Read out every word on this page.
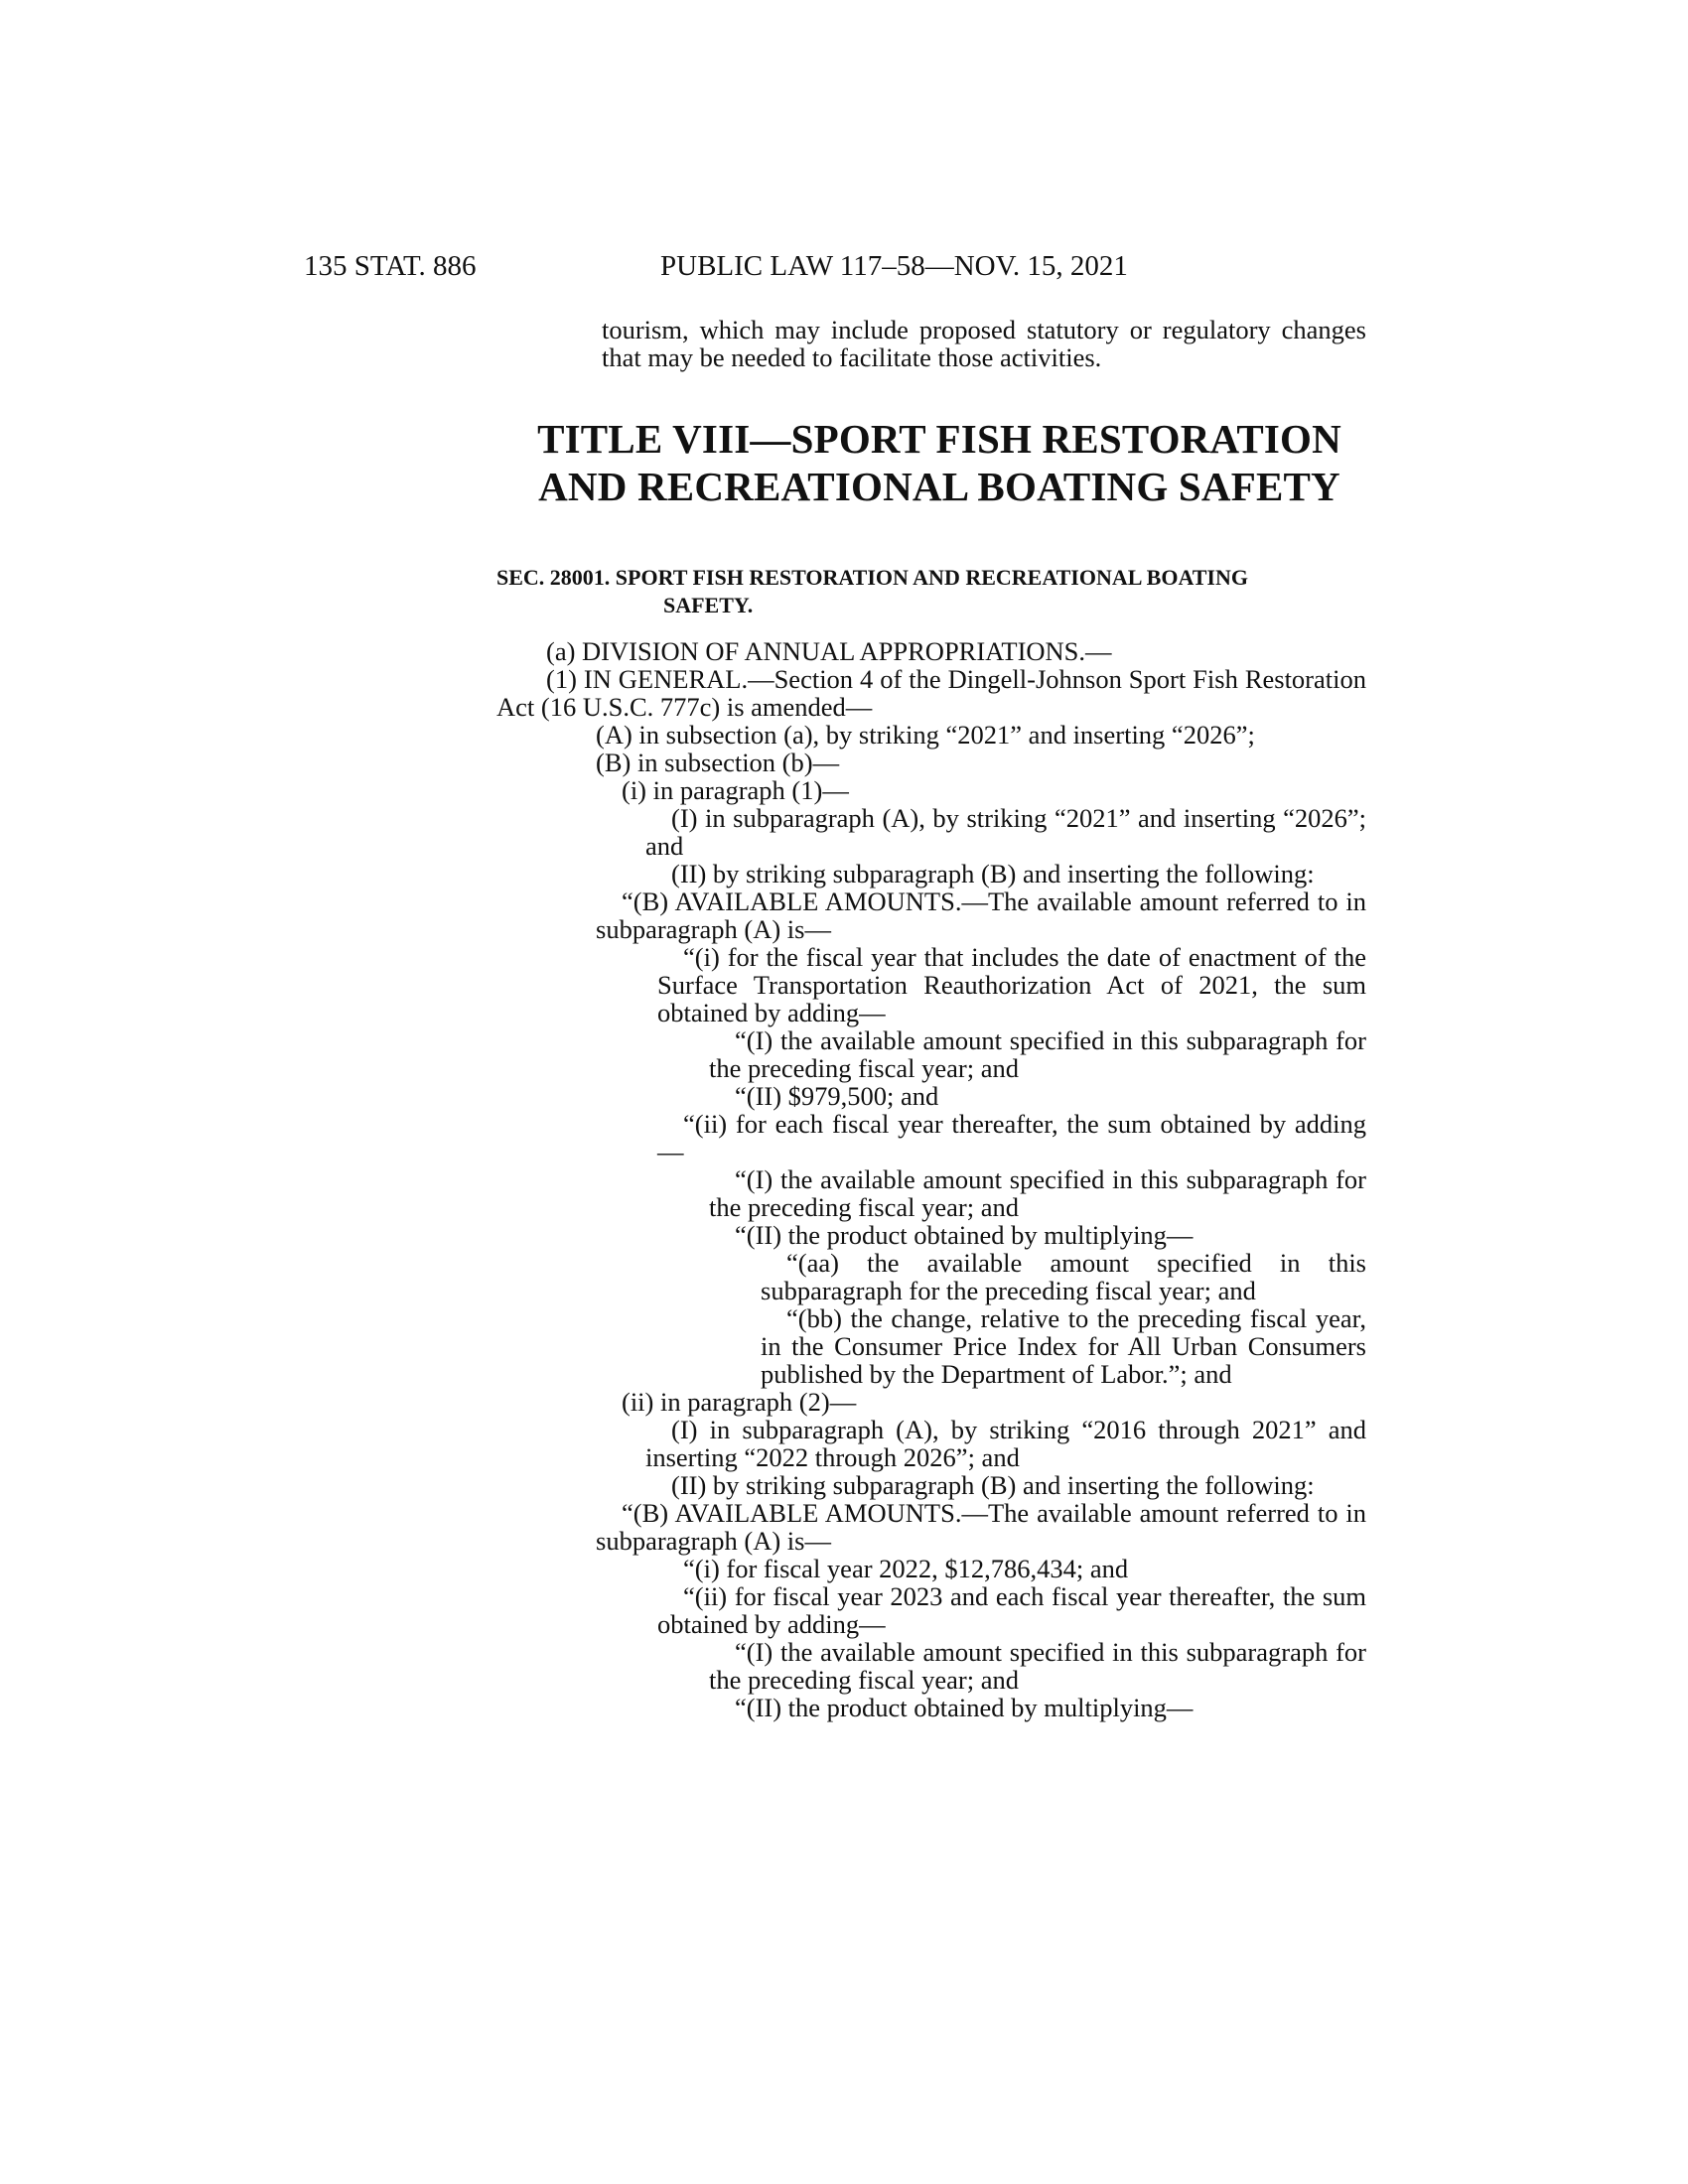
135 STAT. 886	PUBLIC LAW 117–58—NOV. 15, 2021

tourism, which may include proposed statutory or regulatory changes that may be needed to facilitate those activities.

TITLE VIII—SPORT FISH RESTORATION
AND RECREATIONAL BOATING SAFETY
SEC. 28001. SPORT FISH RESTORATION AND RECREATIONAL BOATING
SAFETY.

(a) DIVISION OF ANNUAL APPROPRIATIONS.—

(1) IN GENERAL.—Section 4 of the Dingell-Johnson Sport Fish Restoration Act (16 U.S.C. 777c) is amended—

(A) in subsection (a), by striking “2021” and inserting “2026”;

(B) in subsection (b)—

(i) in paragraph (1)—

(I) in subparagraph (A), by striking “2021” and inserting “2026”; and

(II) by striking subparagraph (B) and inserting the following:

“(B) AVAILABLE AMOUNTS.—The available amount referred to in subparagraph (A) is—

“(i) for the fiscal year that includes the date of enactment of the Surface Transportation Reauthorization Act of 2021, the sum obtained by adding—

“(I) the available amount specified in this subparagraph for the preceding fiscal year; and

“(II) $979,500; and

“(ii) for each fiscal year thereafter, the sum obtained by adding—

“(I) the available amount specified in this subparagraph for the preceding fiscal year; and

“(II) the product obtained by multiplying—

“(aa) the available amount specified in this subparagraph for the preceding fiscal year; and

“(bb) the change, relative to the preceding fiscal year, in the Consumer Price Index for All Urban Consumers published by the Department of Labor.”; and

(ii) in paragraph (2)—

(I) in subparagraph (A), by striking “2016 through 2021” and inserting “2022 through 2026”; and

(II) by striking subparagraph (B) and inserting the following:

“(B) AVAILABLE AMOUNTS.—The available amount referred to in subparagraph (A) is—

“(i) for fiscal year 2022, $12,786,434; and

“(ii) for fiscal year 2023 and each fiscal year thereafter, the sum obtained by adding—

“(I) the available amount specified in this subparagraph for the preceding fiscal year; and

“(II) the product obtained by multiplying—
